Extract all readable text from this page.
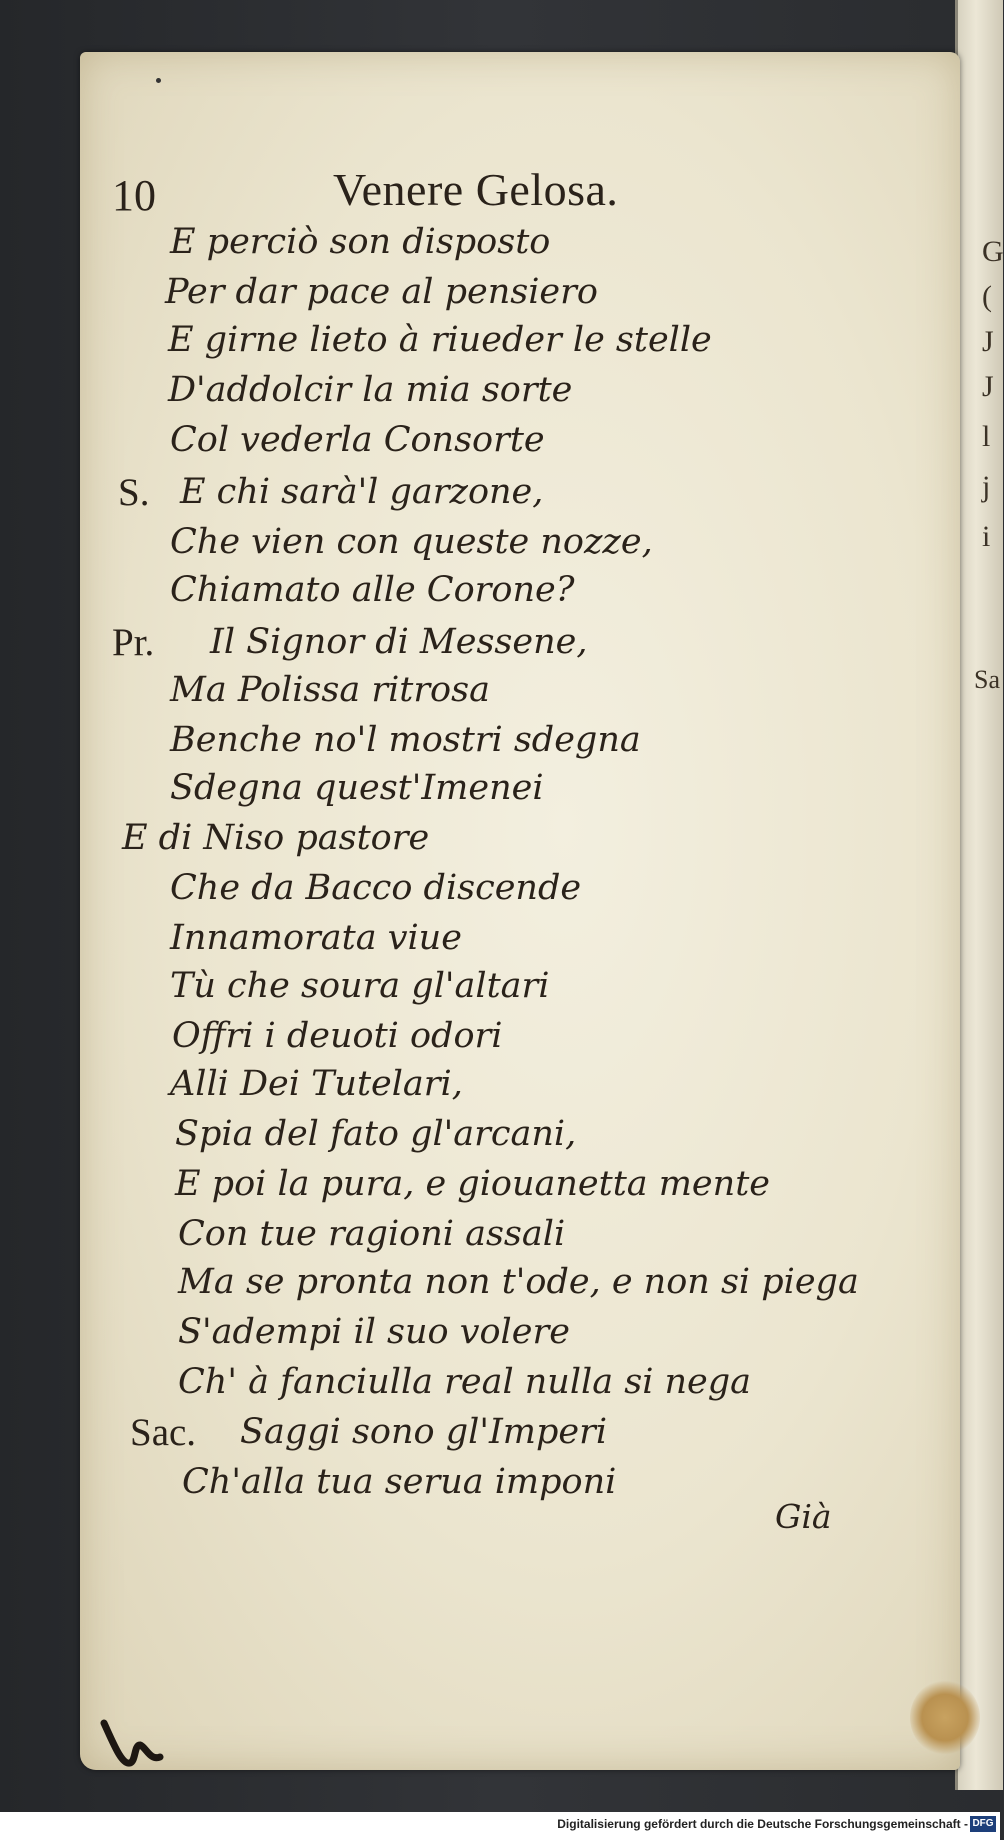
G
(
J
J
l
j
i
Sa
10	Venere Gelosa.
E perciò son disposto
Per dar pace al pensiero
E girne lieto à riueder le stelle
D'addolcir la mia sorte
Col vederla Consorte
S. E chi sarà'l garzone,
Che vien con queste nozze,
Chiamato alle Corone?
Pr. Il Signor di Messene,
Ma Polissa ritrosa
Benche no'l mostri sdegna
Sdegna quest'Imenei
E di Niso pastore
Che da Bacco discende
Innamorata viue
Tù che soura gl'altari
Offri i deuoti odori
Alli Dei Tutelari,
Spia del fato gl'arcani,
E poi la pura, e giouanetta mente
Con tue ragioni assali
Ma se pronta non t'ode, e non si piega
S'adempi il suo volere
Ch' à fanciulla real nulla si nega
Sac. Saggi sono gl'Imperi
Ch'alla tua serua imponi
Già
Digitalisierung gefördert durch die Deutsche Forschungsgemeinschaft - DFG
